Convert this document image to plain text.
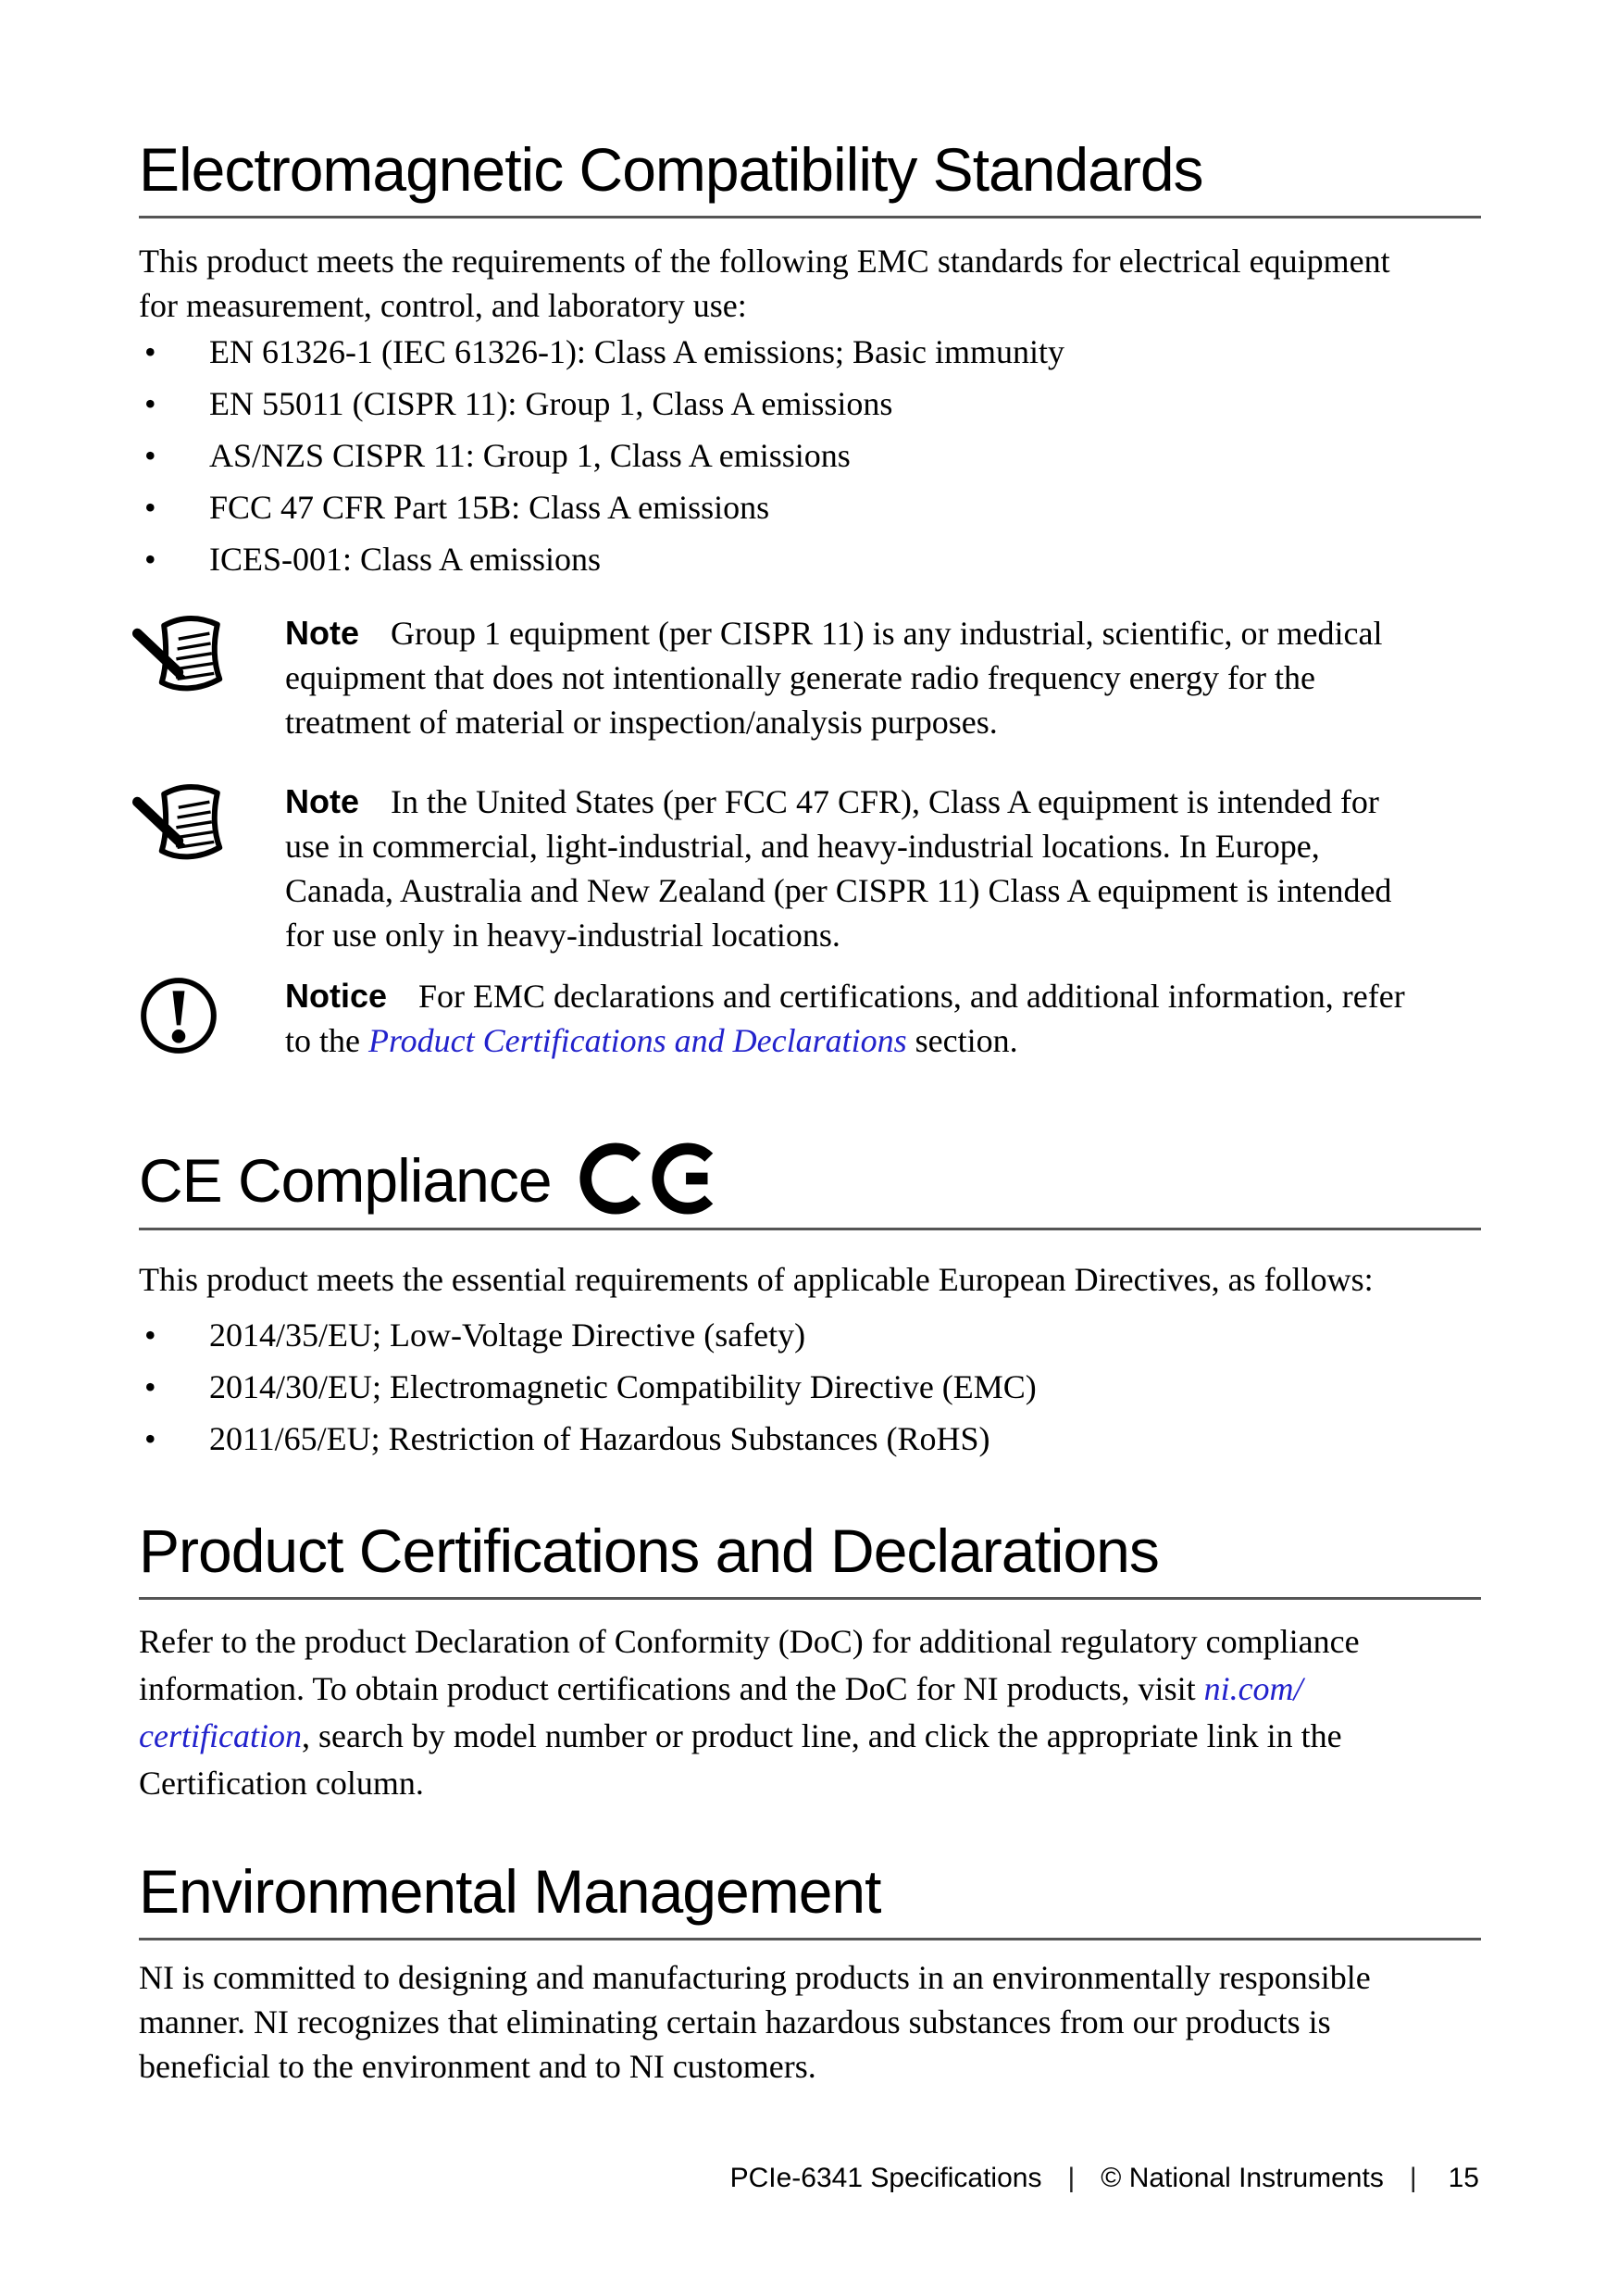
Electromagnetic Compatibility Standards
This product meets the requirements of the following EMC standards for electrical equipment
for measurement, control, and laboratory use:
•	EN 61326-1 (IEC 61326-1): Class A emissions; Basic immunity
•	EN 55011 (CISPR 11): Group 1, Class A emissions
•	AS/NZS CISPR 11: Group 1, Class A emissions
•	FCC 47 CFR Part 15B: Class A emissions
•	ICES-001: Class A emissions
Note Group 1 equipment (per CISPR 11) is any industrial, scientific, or medical
equipment that does not intentionally generate radio frequency energy for the
treatment of material or inspection/analysis purposes.
Note In the United States (per FCC 47 CFR), Class A equipment is intended for
use in commercial, light-industrial, and heavy-industrial locations. In Europe,
Canada, Australia and New Zealand (per CISPR 11) Class A equipment is intended
for use only in heavy-industrial locations.
Notice For EMC declarations and certifications, and additional information, refer
to the Product Certifications and Declarations section.
CE Compliance
This product meets the essential requirements of applicable European Directives, as follows:
•	2014/35/EU; Low-Voltage Directive (safety)
•	2014/30/EU; Electromagnetic Compatibility Directive (EMC)
•	2011/65/EU; Restriction of Hazardous Substances (RoHS)
Product Certifications and Declarations
Refer to the product Declaration of Conformity (DoC) for additional regulatory compliance
information. To obtain product certifications and the DoC for NI products, visit ni.com/
certification, search by model number or product line, and click the appropriate link in the
Certification column.
Environmental Management
NI is committed to designing and manufacturing products in an environmentally responsible
manner. NI recognizes that eliminating certain hazardous substances from our products is
beneficial to the environment and to NI customers.
PCIe-6341 Specifications | © National Instruments | 15
